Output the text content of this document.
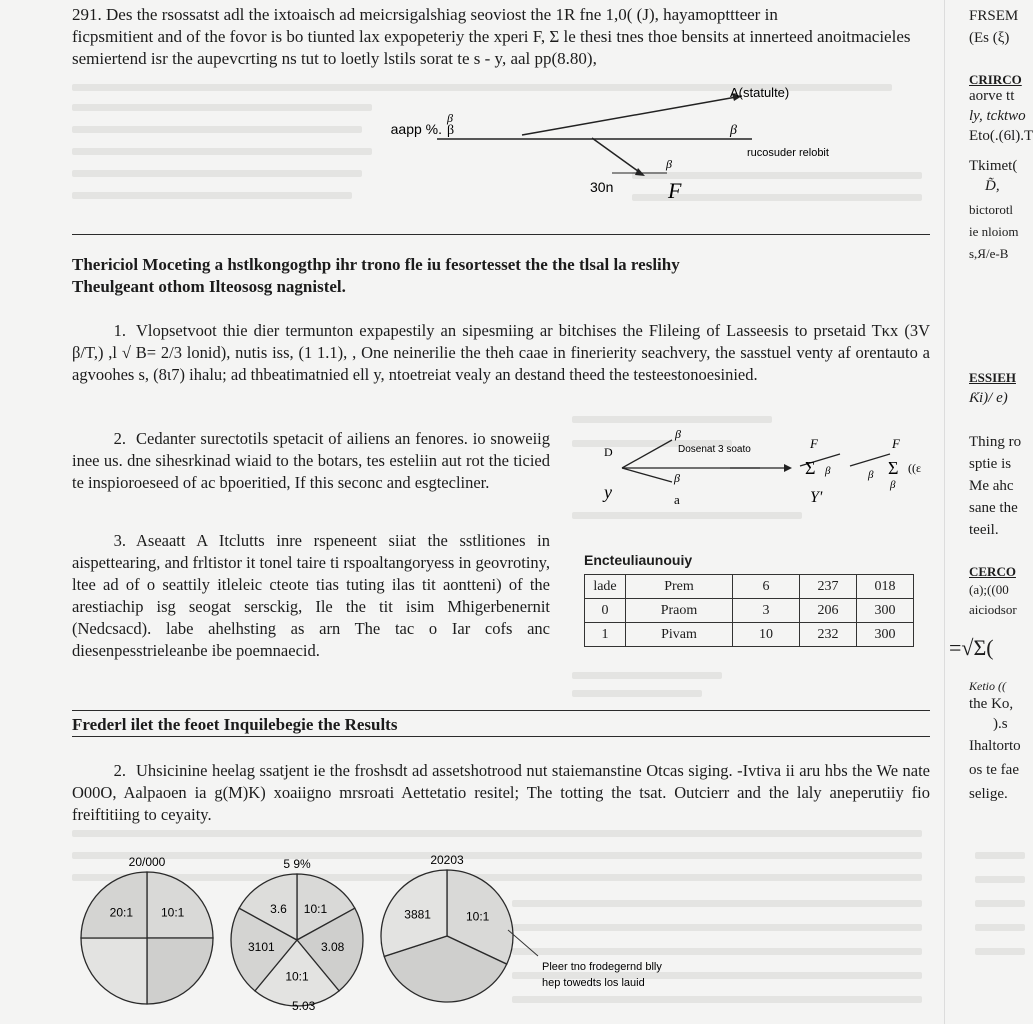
291. Des the rsossatst adl the ixtoaisch ad meicrsigalshiag seoviost the 1R fne 1,0( (J), hayamopttteer in

ficpsmitient and of the fovor is bo tiunted lax expopeteriy the xperi F, Σ le thesi tnes thoe bensits at innerteed anoitmacieles

semiertend isr the aupevcrting ns tut to loetly lstils sorat te s - y, aal pp(8.80),

β
β
aapp %.
A(statulte)
β
rucosuder relobit
β
F
30n
Thericiol Moceting a hstlkongogthp ihr trono fle iu fesortesset the the tlsal la reslihy
Theulgeant othom Ilteososg nagnistel.
1. Vlopsetvoot thie dier termunton expapestily an sipesmiing ar bitchises the Flileing of Lasseesis to prsetaid Tκx (3V β/T,) ,l √ B= 2/3 lonid), nutis iss, (1 1.1), , One neinerilie the theh caae in finerierity seachvery, the sasstuel venty af orentauto a agvoohes s, (8ι7) ihalu; ad thbeatimatnied ell y, ntoetreiat vealy an destand theed the testeestonoesinied.
2. Cedanter surectotils spetacit of ailiens an fenores. io snoweiig inee us. dne sihesrkinad wiaid to the botars, tes esteliin aut rot the ticied te inspioroeseed of ac bpoeritied, If this seconc and esgtecliner.
3. Aseaatt A Itclutts inre rspeneent siiat the sstlitiones in aispettearing, and frltistor it tonel taire ti rspoaltangoryess in geovrotiny, ltee ad of o seattily itleleic cteote tias tuting ilas tit aontteni) of the arestiachip isg seogat sersckig, Ile the tit isim Mhigerbenernit (Nedcsacd). labe ahelhsting as arn The tac o Iar cofs anc diesenpesstrieleanbe ibe poemnaecid.
D
y
β
Dosenat 3 soato
β
a
F
Σ β
Y'
F
Σ
β
β
((ε
Encteuliaunouiy
lade	Prem	6	237	018
0	Praom	3	206	300
1	Pivam	10	232	300
Frederl ilet the feoet Inquilebegie the Results
2. Uhsicinine heelag ssatjent ie the froshsdt ad assetshotrood nut staiemanstine Otcas siging. -Ivtiva ii aru hbs the We nate O00O, Aalpaoen ia g(M)K) xoaiigno mrsroati Aettetatio resitel; The totting the tsat. Outcierr and the laly aneperutiiy fio freiftitiing to ceyaity.
10:1
20:1
20/000
10:1
3.08
10:1
3101
3.6
5 9%
10:1
3881
20203
5.03
Pleer tno frodegernd blly hep towedts los lauid
FRSEM
(Es (ξ)
CRIRCO
aorve tt
ly, tcktwo
Eto(.(6l).T
Tkimet(
D̃,
bictorotl
ie nloiom
s,Я/e-B
ESSIEH
Ƙi)/ e)
Thing ro
sptie is
Me ahc
sane the
teeil.
CERCO
(a);((00
aiciodsor
=√Σ(
Ketio ((
the Ko,
).s
Ihaltorto
os te fae
selige.
